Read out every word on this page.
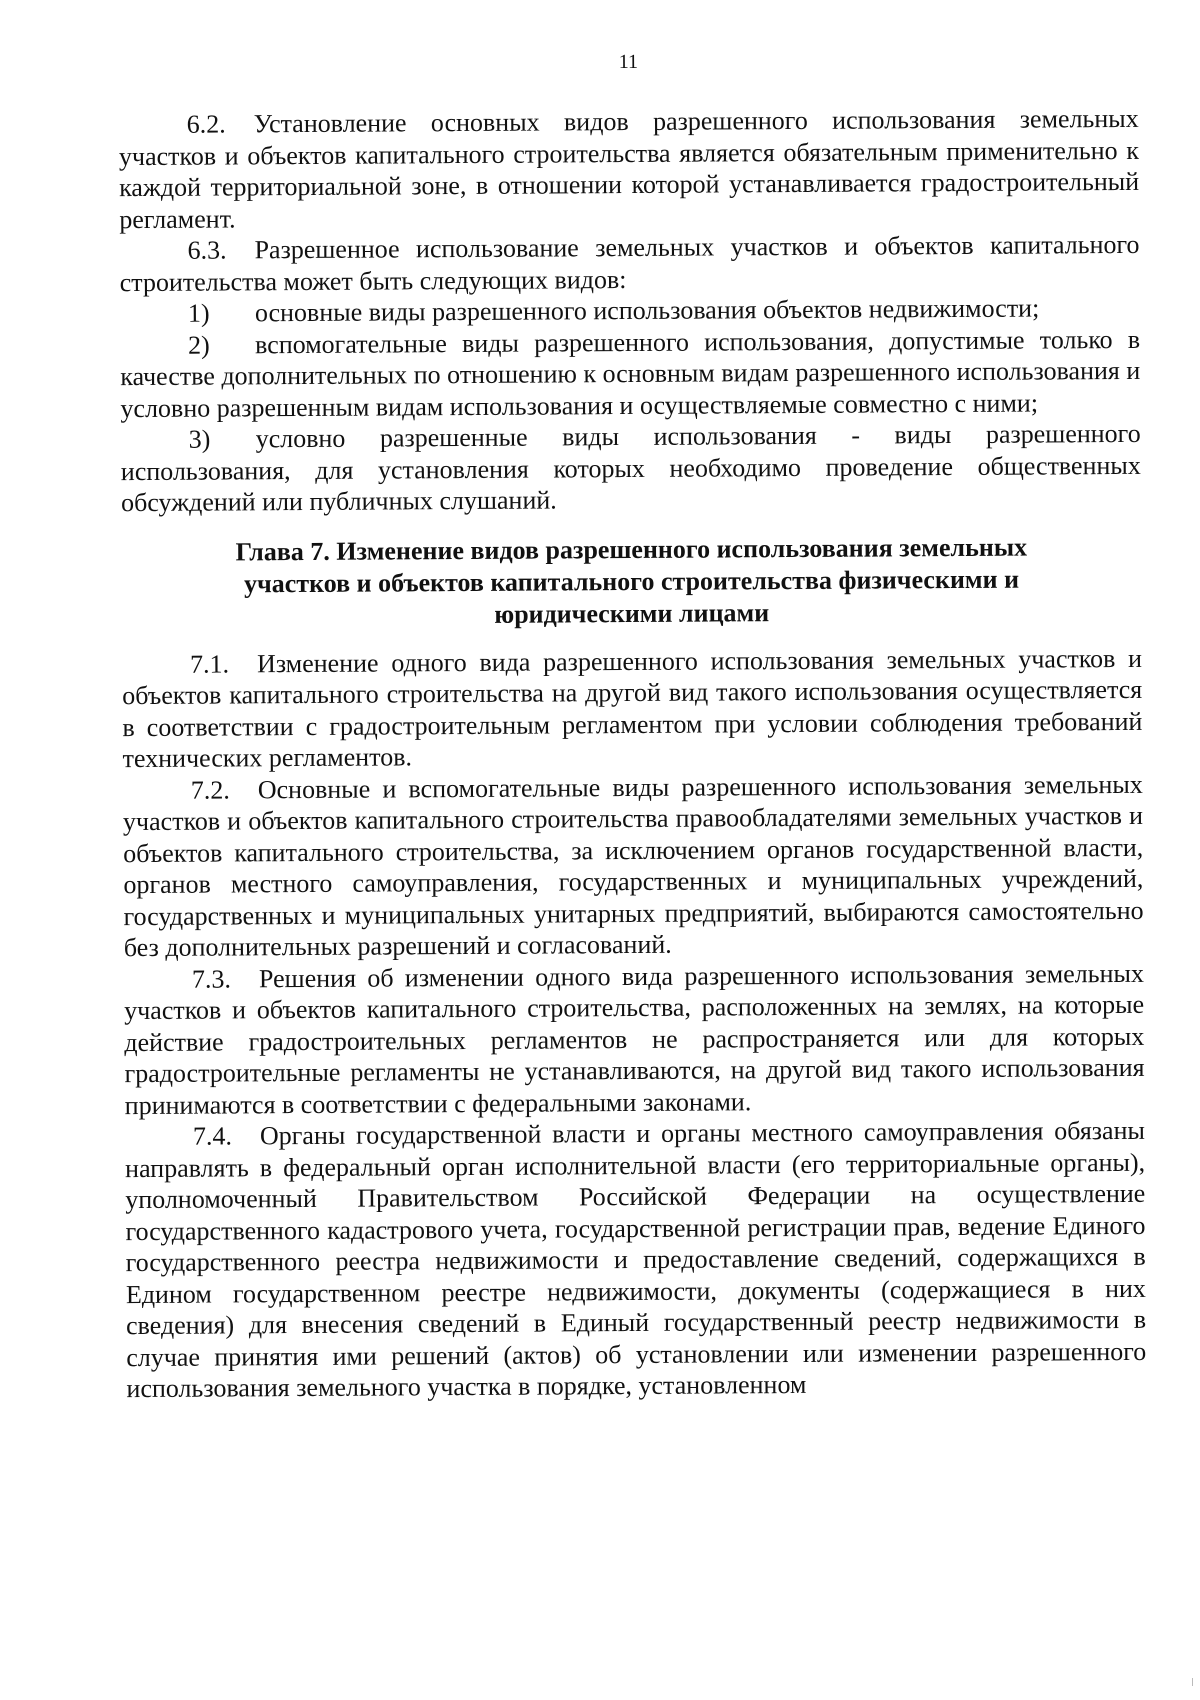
11

6.2. Установление основных видов разрешенного использования земельных участков и объектов капитального строительства является обязательным применительно к каждой территориальной зоне, в отношении которой устанавливается градостроительный регламент.

6.3. Разрешенное использование земельных участков и объектов капитального строительства может быть следующих видов:

1) основные виды разрешенного использования объектов недвижимости;

2) вспомогательные виды разрешенного использования, допустимые только в качестве дополнительных по отношению к основным видам разрешенного использования и условно разрешенным видам использования и осуществляемые совместно с ними;

3) условно разрешенные виды использования - виды разрешенного использования, для установления которых необходимо проведение общественных обсуждений или публичных слушаний.

Глава 7. Изменение видов разрешенного использования земельных участков и объектов капитального строительства физическими и юридическими лицами

7.1. Изменение одного вида разрешенного использования земельных участков и объектов капитального строительства на другой вид такого использования осуществляется в соответствии с градостроительным регламентом при условии соблюдения требований технических регламентов.

7.2. Основные и вспомогательные виды разрешенного использования земельных участков и объектов капитального строительства правообладателями земельных участков и объектов капитального строительства, за исключением органов государственной власти, органов местного самоуправления, государственных и муниципальных учреждений, государственных и муниципальных унитарных предприятий, выбираются самостоятельно без дополнительных разрешений и согласований.

7.3. Решения об изменении одного вида разрешенного использования земельных участков и объектов капитального строительства, расположенных на землях, на которые действие градостроительных регламентов не распространяется или для которых градостроительные регламенты не устанавливаются, на другой вид такого использования принимаются в соответствии с федеральными законами.

7.4. Органы государственной власти и органы местного самоуправления обязаны направлять в федеральный орган исполнительной власти (его территориальные органы), уполномоченный Правительством Российской Федерации на осуществление государственного кадастрового учета, государственной регистрации прав, ведение Единого государственного реестра недвижимости и предоставление сведений, содержащихся в Едином государственном реестре недвижимости, документы (содержащиеся в них сведения) для внесения сведений в Единый государственный реестр недвижимости в случае принятия ими решений (актов) об установлении или изменении разрешенного использования земельного участка в порядке, установленном
